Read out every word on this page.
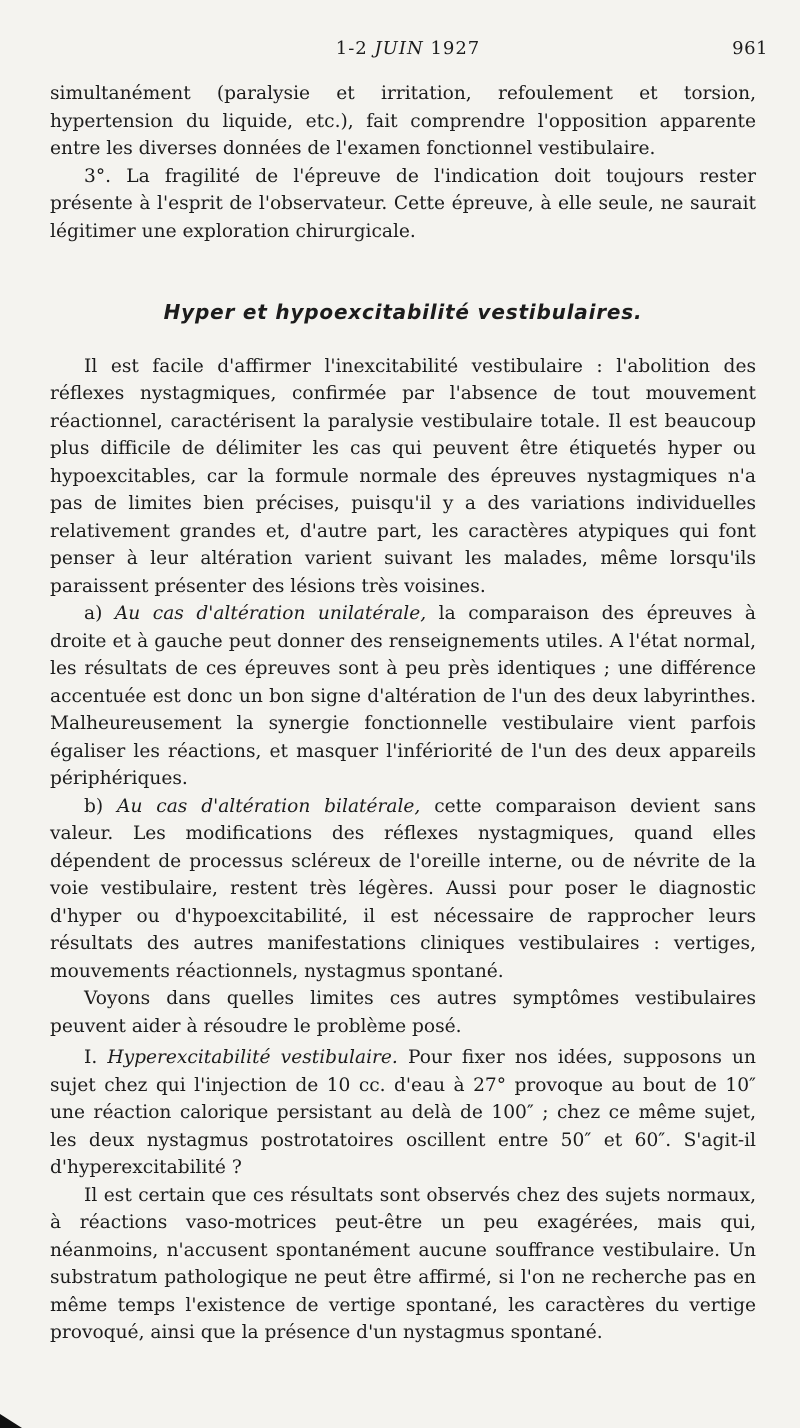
1-2 JUIN 1927	961

simultanément (paralysie et irritation, refoulement et torsion, hypertension du liquide, etc.), fait comprendre l'opposition apparente entre les diverses données de l'examen fonctionnel vestibulaire.

3°. La fragilité de l'épreuve de l'indication doit toujours rester présente à l'esprit de l'observateur. Cette épreuve, à elle seule, ne saurait légitimer une exploration chirurgicale.

Hyper et hypoexcitabilité vestibulaires.

Il est facile d'affirmer l'inexcitabilité vestibulaire : l'abolition des réflexes nystagmiques, confirmée par l'absence de tout mouvement réactionnel, caractérisent la paralysie vestibulaire totale. Il est beaucoup plus difficile de délimiter les cas qui peuvent être étiquetés hyper ou hypoexcitables, car la formule normale des épreuves nystagmiques n'a pas de limites bien précises, puisqu'il y a des variations individuelles relativement grandes et, d'autre part, les caractères atypiques qui font penser à leur altération varient suivant les malades, même lorsqu'ils paraissent présenter des lésions très voisines.

a) Au cas d'altération unilatérale, la comparaison des épreuves à droite et à gauche peut donner des renseignements utiles. A l'état normal, les résultats de ces épreuves sont à peu près identiques ; une différence accentuée est donc un bon signe d'altération de l'un des deux labyrinthes. Malheureusement la synergie fonctionnelle vestibulaire vient parfois égaliser les réactions, et masquer l'infériorité de l'un des deux appareils périphériques.

b) Au cas d'altération bilatérale, cette comparaison devient sans valeur. Les modifications des réflexes nystagmiques, quand elles dépendent de processus scléreux de l'oreille interne, ou de névrite de la voie vestibulaire, restent très légères. Aussi pour poser le diagnostic d'hyper ou d'hypoexcitabilité, il est nécessaire de rapprocher leurs résultats des autres manifestations cliniques vestibulaires : vertiges, mouvements réactionnels, nystagmus spontané.

Voyons dans quelles limites ces autres symptômes vestibulaires peuvent aider à résoudre le problème posé.

I. Hyperexcitabilité vestibulaire. Pour fixer nos idées, supposons un sujet chez qui l'injection de 10 cc. d'eau à 27° provoque au bout de 10″ une réaction calorique persistant au delà de 100″ ; chez ce même sujet, les deux nystagmus postrotatoires oscillent entre 50″ et 60″. S'agit-il d'hyperexcitabilité ?

Il est certain que ces résultats sont observés chez des sujets normaux, à réactions vaso-motrices peut-être un peu exagérées, mais qui, néanmoins, n'accusent spontanément aucune souffrance vestibulaire. Un substratum pathologique ne peut être affirmé, si l'on ne recherche pas en même temps l'existence de vertige spontané, les caractères du vertige provoqué, ainsi que la présence d'un nystagmus spontané.
